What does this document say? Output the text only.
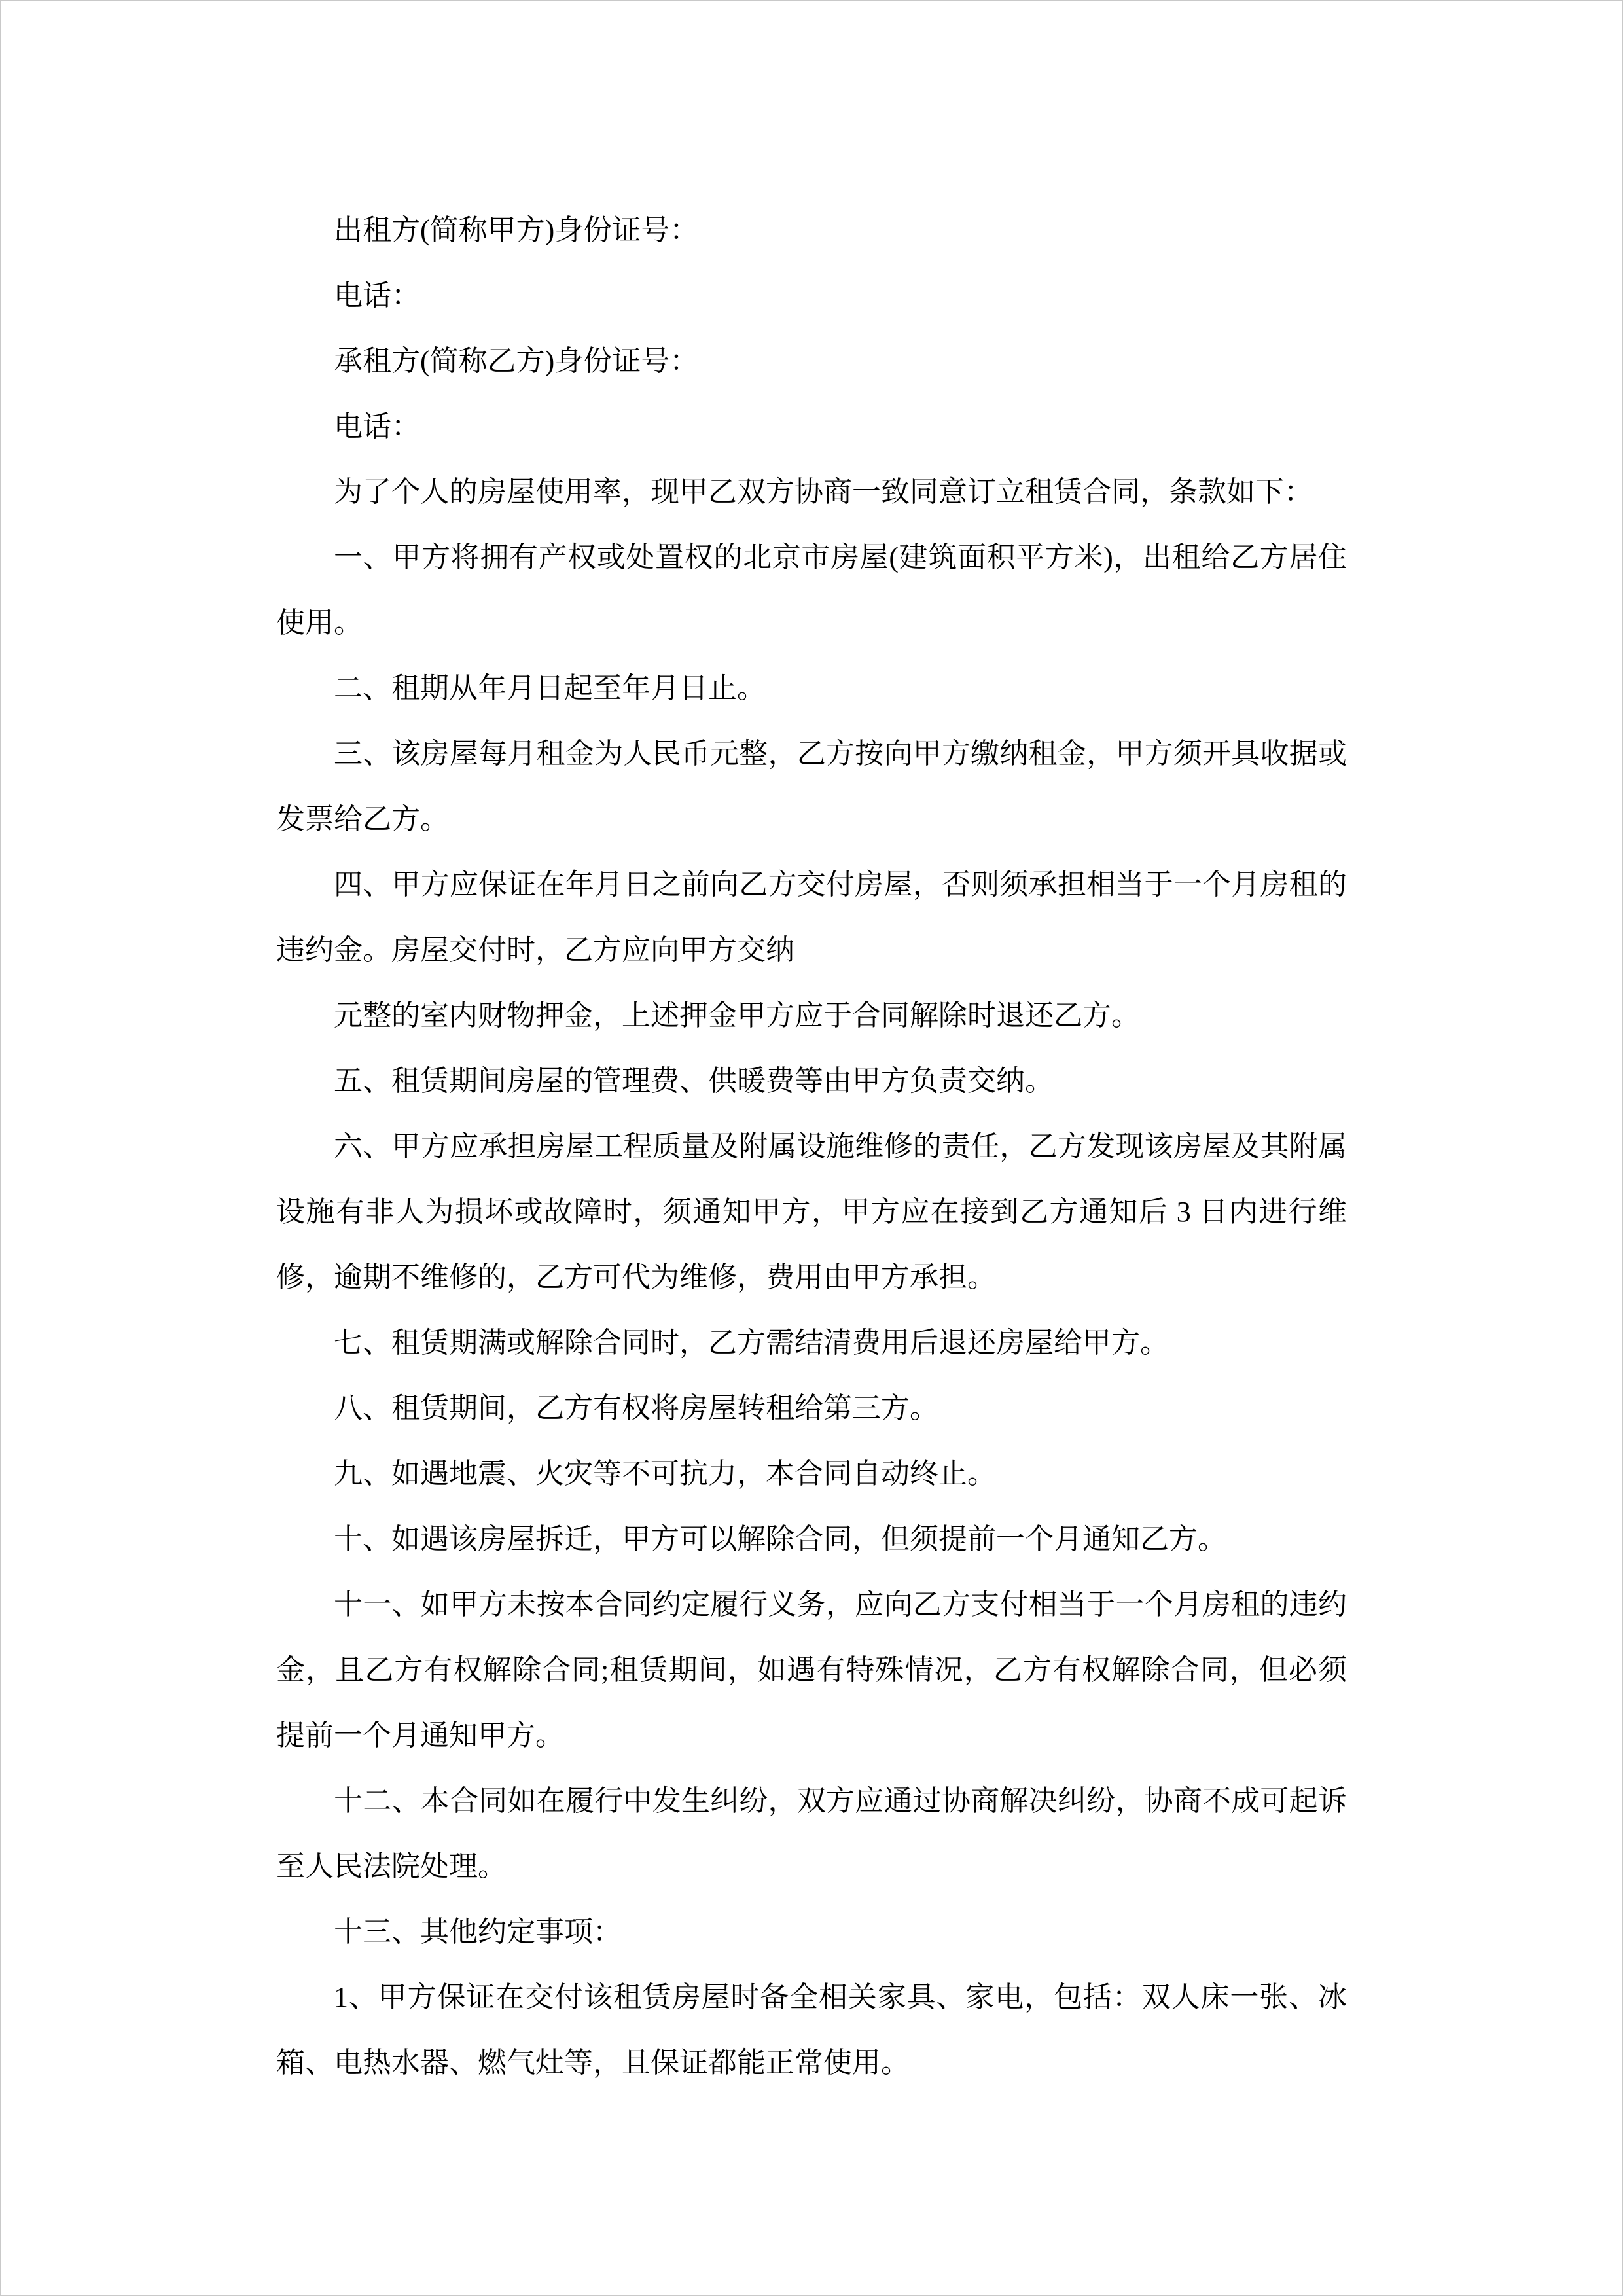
出租方(简称甲方)身份证号：

电话：

承租方(简称乙方)身份证号：

电话：

为了个人的房屋使用率，现甲乙双方协商一致同意订立租赁合同，条款如下：

一、甲方将拥有产权或处置权的北京市房屋(建筑面积平方米)，出租给乙方居住使用。

二、租期从年月日起至年月日止。

三、该房屋每月租金为人民币元整，乙方按向甲方缴纳租金，甲方须开具收据或发票给乙方。

四、甲方应保证在年月日之前向乙方交付房屋，否则须承担相当于一个月房租的违约金。房屋交付时，乙方应向甲方交纳

元整的室内财物押金，上述押金甲方应于合同解除时退还乙方。

五、租赁期间房屋的管理费、供暖费等由甲方负责交纳。

六、甲方应承担房屋工程质量及附属设施维修的责任，乙方发现该房屋及其附属设施有非人为损坏或故障时，须通知甲方，甲方应在接到乙方通知后 3 日内进行维修，逾期不维修的，乙方可代为维修，费用由甲方承担。

七、租赁期满或解除合同时，乙方需结清费用后退还房屋给甲方。

八、租赁期间，乙方有权将房屋转租给第三方。

九、如遇地震、火灾等不可抗力，本合同自动终止。

十、如遇该房屋拆迁，甲方可以解除合同，但须提前一个月通知乙方。

十一、如甲方未按本合同约定履行义务，应向乙方支付相当于一个月房租的违约金，且乙方有权解除合同;租赁期间，如遇有特殊情况，乙方有权解除合同，但必须提前一个月通知甲方。

十二、本合同如在履行中发生纠纷，双方应通过协商解决纠纷，协商不成可起诉至人民法院处理。

十三、其他约定事项：

1、甲方保证在交付该租赁房屋时备全相关家具、家电，包括：双人床一张、冰箱、电热水器、燃气灶等，且保证都能正常使用。
